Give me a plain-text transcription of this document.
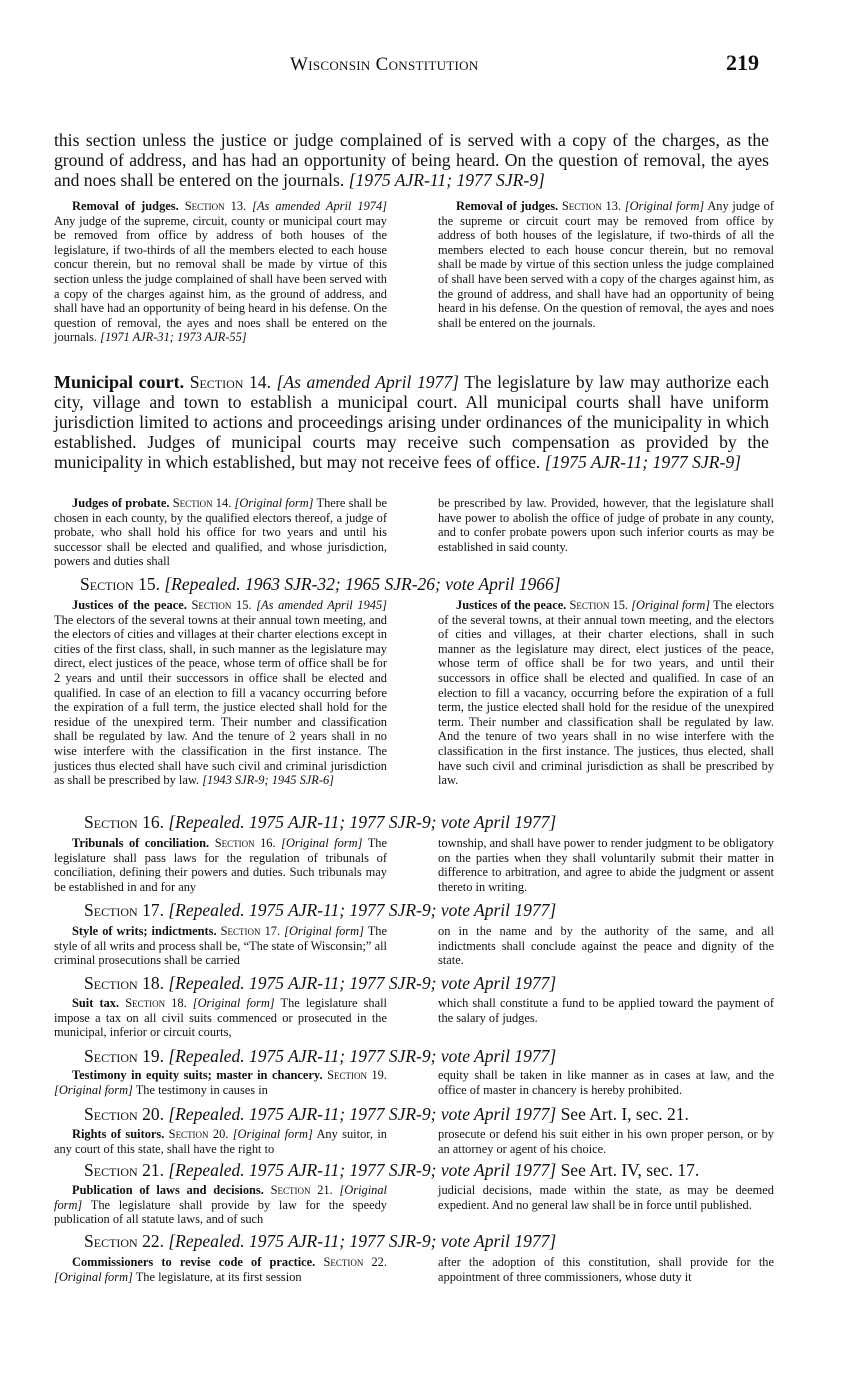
Wisconsin Constitution	219
this section unless the justice or judge complained of is served with a copy of the charges, as the ground of address, and has had an opportunity of being heard. On the question of removal, the ayes and noes shall be entered on the journals. [1975 AJR-11; 1977 SJR-9]

Removal of judges. Section 13. [As amended April 1974] Any judge of the supreme, circuit, county or municipal court may be removed from office by address of both houses of the legislature, if two-thirds of all the members elected to each house concur therein, but no removal shall be made by virtue of this section unless the judge complained of shall have been served with a copy of the charges against him, as the ground of address, and shall have had an opportunity of being heard in his defense. On the question of removal, the ayes and noes shall be entered on the journals. [1971 AJR-31; 1973 AJR-55]

Removal of judges. Section 13. [Original form] Any judge of the supreme or circuit court may be removed from office by address of both houses of the legislature, if two-thirds of all the members elected to each house concur therein, but no removal shall be made by virtue of this section unless the judge complained of shall have been served with a copy of the charges against him, as the ground of address, and shall have had an opportunity of being heard in his defense. On the question of removal, the ayes and noes shall be entered on the journals.

Municipal court. Section 14. [As amended April 1977] The legislature by law may authorize each city, village and town to establish a municipal court. All municipal courts shall have uniform jurisdiction limited to actions and proceedings arising under ordinances of the municipality in which established. Judges of municipal courts may receive such compensation as provided by the municipality in which established, but may not receive fees of office. [1975 AJR-11; 1977 SJR-9]

Judges of probate. Section 14. [Original form] There shall be chosen in each county, by the qualified electors thereof, a judge of probate, who shall hold his office for two years and until his successor shall be elected and qualified, and whose jurisdiction, powers and duties shall

be prescribed by law. Provided, however, that the legislature shall have power to abolish the office of judge of probate in any county, and to confer probate powers upon such inferior courts as may be established in said county.

Section 15. [Repealed. 1963 SJR-32; 1965 SJR-26; vote April 1966]

Justices of the peace. Section 15. [As amended April 1945] The electors of the several towns at their annual town meeting, and the electors of cities and villages at their charter elections except in cities of the first class, shall, in such manner as the legislature may direct, elect justices of the peace, whose term of office shall be for 2 years and until their successors in office shall be elected and qualified. In case of an election to fill a vacancy occurring before the expiration of a full term, the justice elected shall hold for the residue of the unexpired term. Their number and classification shall be regulated by law. And the tenure of 2 years shall in no wise interfere with the classification in the first instance. The justices thus elected shall have such civil and criminal jurisdiction as shall be prescribed by law. [1943 SJR-9; 1945 SJR-6]

Justices of the peace. Section 15. [Original form] The electors of the several towns, at their annual town meeting, and the electors of cities and villages, at their charter elections, shall in such manner as the legislature may direct, elect justices of the peace, whose term of office shall be for two years, and until their successors in office shall be elected and qualified. In case of an election to fill a vacancy, occurring before the expiration of a full term, the justice elected shall hold for the residue of the unexpired term. Their number and classification shall be regulated by law. And the tenure of two years shall in no wise interfere with the classification in the first instance. The justices, thus elected, shall have such civil and criminal jurisdiction as shall be prescribed by law.

Section 16. [Repealed. 1975 AJR-11; 1977 SJR-9; vote April 1977]

Tribunals of conciliation. Section 16. [Original form] The legislature shall pass laws for the regulation of tribunals of conciliation, defining their powers and duties. Such tribunals may be established in and for any

township, and shall have power to render judgment to be obligatory on the parties when they shall voluntarily submit their matter in difference to arbitration, and agree to abide the judgment or assent thereto in writing.

Section 17. [Repealed. 1975 AJR-11; 1977 SJR-9; vote April 1977]

Style of writs; indictments. Section 17. [Original form] The style of all writs and process shall be, “The state of Wisconsin;” all criminal prosecutions shall be carried

on in the name and by the authority of the same, and all indictments shall conclude against the peace and dignity of the state.

Section 18. [Repealed. 1975 AJR-11; 1977 SJR-9; vote April 1977]

Suit tax. Section 18. [Original form] The legislature shall impose a tax on all civil suits commenced or prosecuted in the municipal, inferior or circuit courts,

which shall constitute a fund to be applied toward the payment of the salary of judges.

Section 19. [Repealed. 1975 AJR-11; 1977 SJR-9; vote April 1977]

Testimony in equity suits; master in chancery. Section 19. [Original form] The testimony in causes in

equity shall be taken in like manner as in cases at law, and the office of master in chancery is hereby prohibited.

Section 20. [Repealed. 1975 AJR-11; 1977 SJR-9; vote April 1977] See Art. I, sec. 21.

Rights of suitors. Section 20. [Original form] Any suitor, in any court of this state, shall have the right to

prosecute or defend his suit either in his own proper person, or by an attorney or agent of his choice.

Section 21. [Repealed. 1975 AJR-11; 1977 SJR-9; vote April 1977] See Art. IV, sec. 17.

Publication of laws and decisions. Section 21. [Original form] The legislature shall provide by law for the speedy publication of all statute laws, and of such

judicial decisions, made within the state, as may be deemed expedient. And no general law shall be in force until published.

Section 22. [Repealed. 1975 AJR-11; 1977 SJR-9; vote April 1977]

Commissioners to revise code of practice. Section 22. [Original form] The legislature, at its first session

after the adoption of this constitution, shall provide for the appointment of three commissioners, whose duty it
